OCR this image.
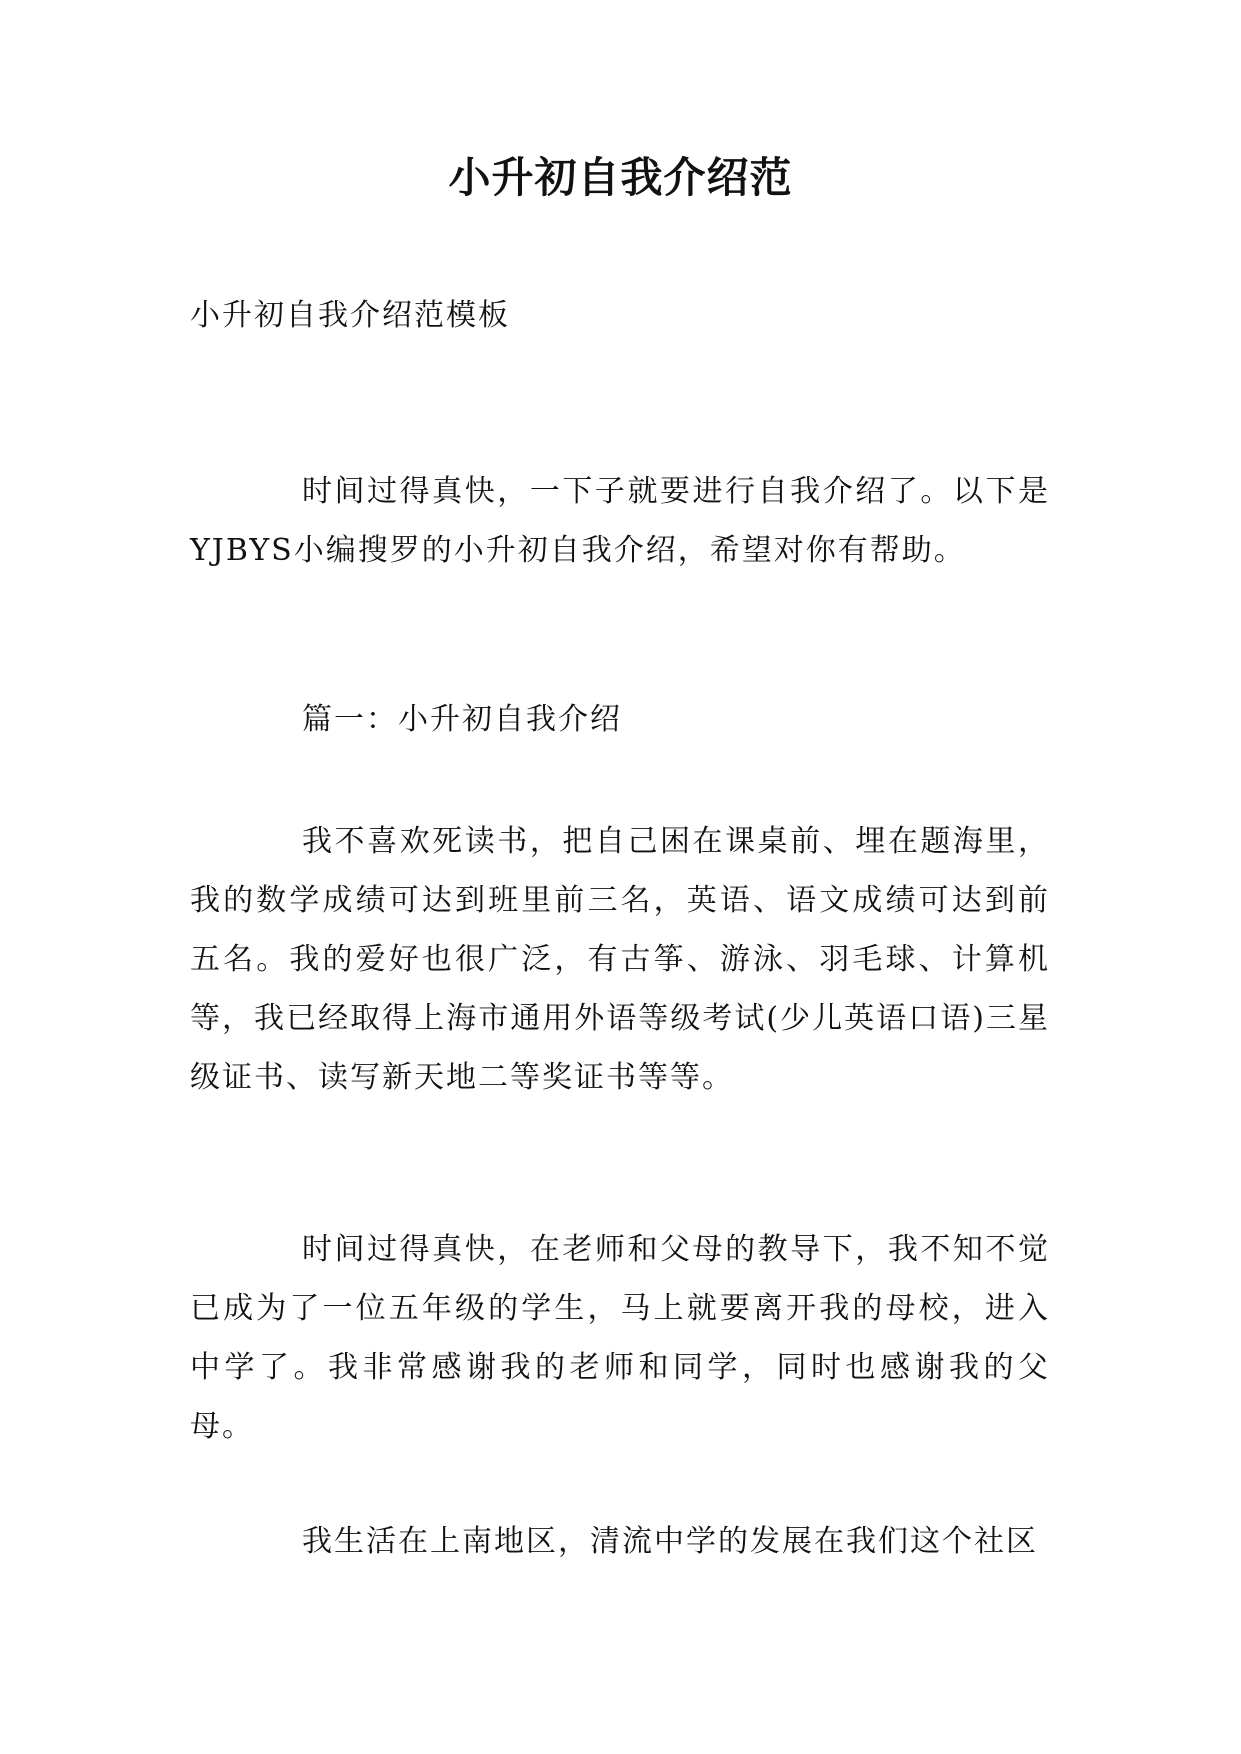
小升初自我介绍范

小升初自我介绍范模板

时间过得真快，一下子就要进行自我介绍了。以下是YJBYS小编搜罗的小升初自我介绍，希望对你有帮助。

篇一：小升初自我介绍

我不喜欢死读书，把自己困在课桌前、埋在题海里，我的数学成绩可达到班里前三名，英语、语文成绩可达到前五名。我的爱好也很广泛，有古筝、游泳、羽毛球、计算机等，我已经取得上海市通用外语等级考试(少儿英语口语)三星级证书、读写新天地二等奖证书等等。

时间过得真快，在老师和父母的教导下，我不知不觉已成为了一位五年级的学生，马上就要离开我的母校，进入中学了。我非常感谢我的老师和同学，同时也感谢我的父母。

我生活在上南地区，清流中学的发展在我们这个社区
